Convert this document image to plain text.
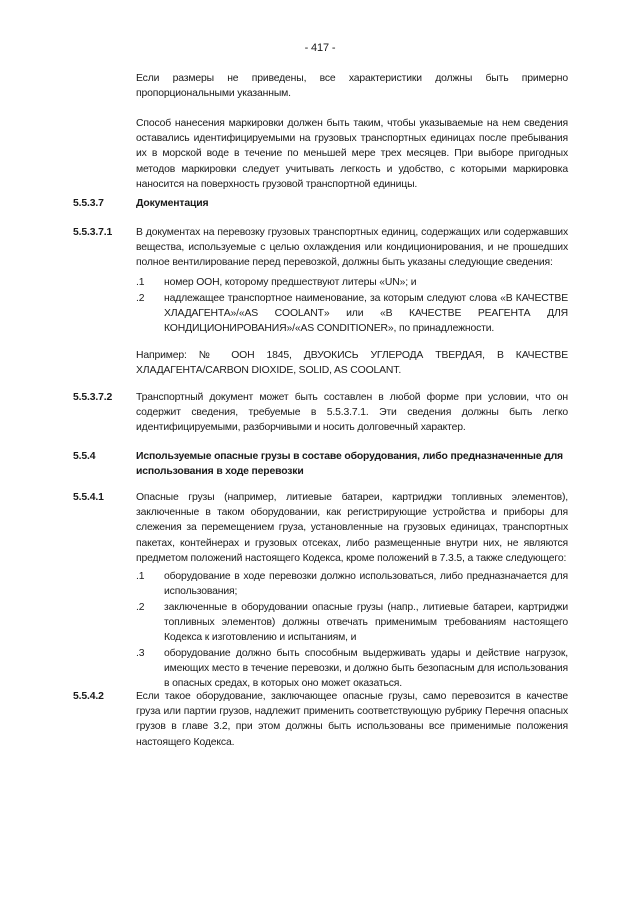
- 417 -

Если размеры не приведены, все характеристики должны быть примерно пропорциональными указанным.

Способ нанесения маркировки должен быть таким, чтобы указываемые на нем сведения оставались идентифицируемыми на грузовых транспортных единицах после пребывания их в морской воде в течение по меньшей мере трех месяцев. При выборе пригодных методов маркировки следует учитывать легкость и удобство, с которыми маркировка наносится на поверхность грузовой транспортной единицы.

5.5.3.7	Документация
5.5.3.7.1 В документах на перевозку грузовых транспортных единиц, содержащих или содержавших вещества, используемые с целью охлаждения или кондиционирования, и не прошедших полное вентилирование перед перевозкой, должны быть указаны следующие сведения:

.1	номер ООН, которому предшествуют литеры «UN»; и

.2	надлежащее транспортное наименование, за которым следуют слова «В КАЧЕСТВЕ ХЛАДАГЕНТА»/«AS COOLANT» или «В КАЧЕСТВЕ РЕАГЕНТА ДЛЯ КОНДИЦИОНИРОВАНИЯ»/«AS CONDITIONER», по принадлежности.

Например: № ООН 1845, ДВУОКИСЬ УГЛЕРОДА ТВЕРДАЯ, В КАЧЕСТВЕ ХЛАДАГЕНТА/CARBON DIOXIDE, SOLID, AS COOLANT.

5.5.3.7.2 Транспортный документ может быть составлен в любой форме при условии, что он содержит сведения, требуемые в 5.5.3.7.1. Эти сведения должны быть легко идентифицируемыми, разборчивыми и носить долговечный характер.

5.5.4	Используемые опасные грузы в составе оборудования, либо предназначенные для использования в ходе перевозки
5.5.4.1	Опасные грузы (например, литиевые батареи, картриджи топливных элементов), заключенные в таком оборудовании, как регистрирующие устройства и приборы для слежения за перемещением груза, установленные на грузовых единицах, транспортных пакетах, контейнерах и грузовых отсеках, либо размещенные внутри них, не являются предметом положений настоящего Кодекса, кроме положений в 7.3.5, а также следующего:

.1	оборудование в ходе перевозки должно использоваться, либо предназначается для использования;

.2	заключенные в оборудовании опасные грузы (напр., литиевые батареи, картриджи топливных элементов) должны отвечать применимым требованиям настоящего Кодекса к изготовлению и испытаниям, и

.3	оборудование должно быть способным выдерживать удары и действие нагрузок, имеющих место в течение перевозки, и должно быть безопасным для использования в опасных средах, в которых оно может оказаться.

5.5.4.2	Если такое оборудование, заключающее опасные грузы, само перевозится в качестве груза или партии грузов, надлежит применить соответствующую рубрику Перечня опасных грузов в главе 3.2, при этом должны быть использованы все применимые положения настоящего Кодекса.
